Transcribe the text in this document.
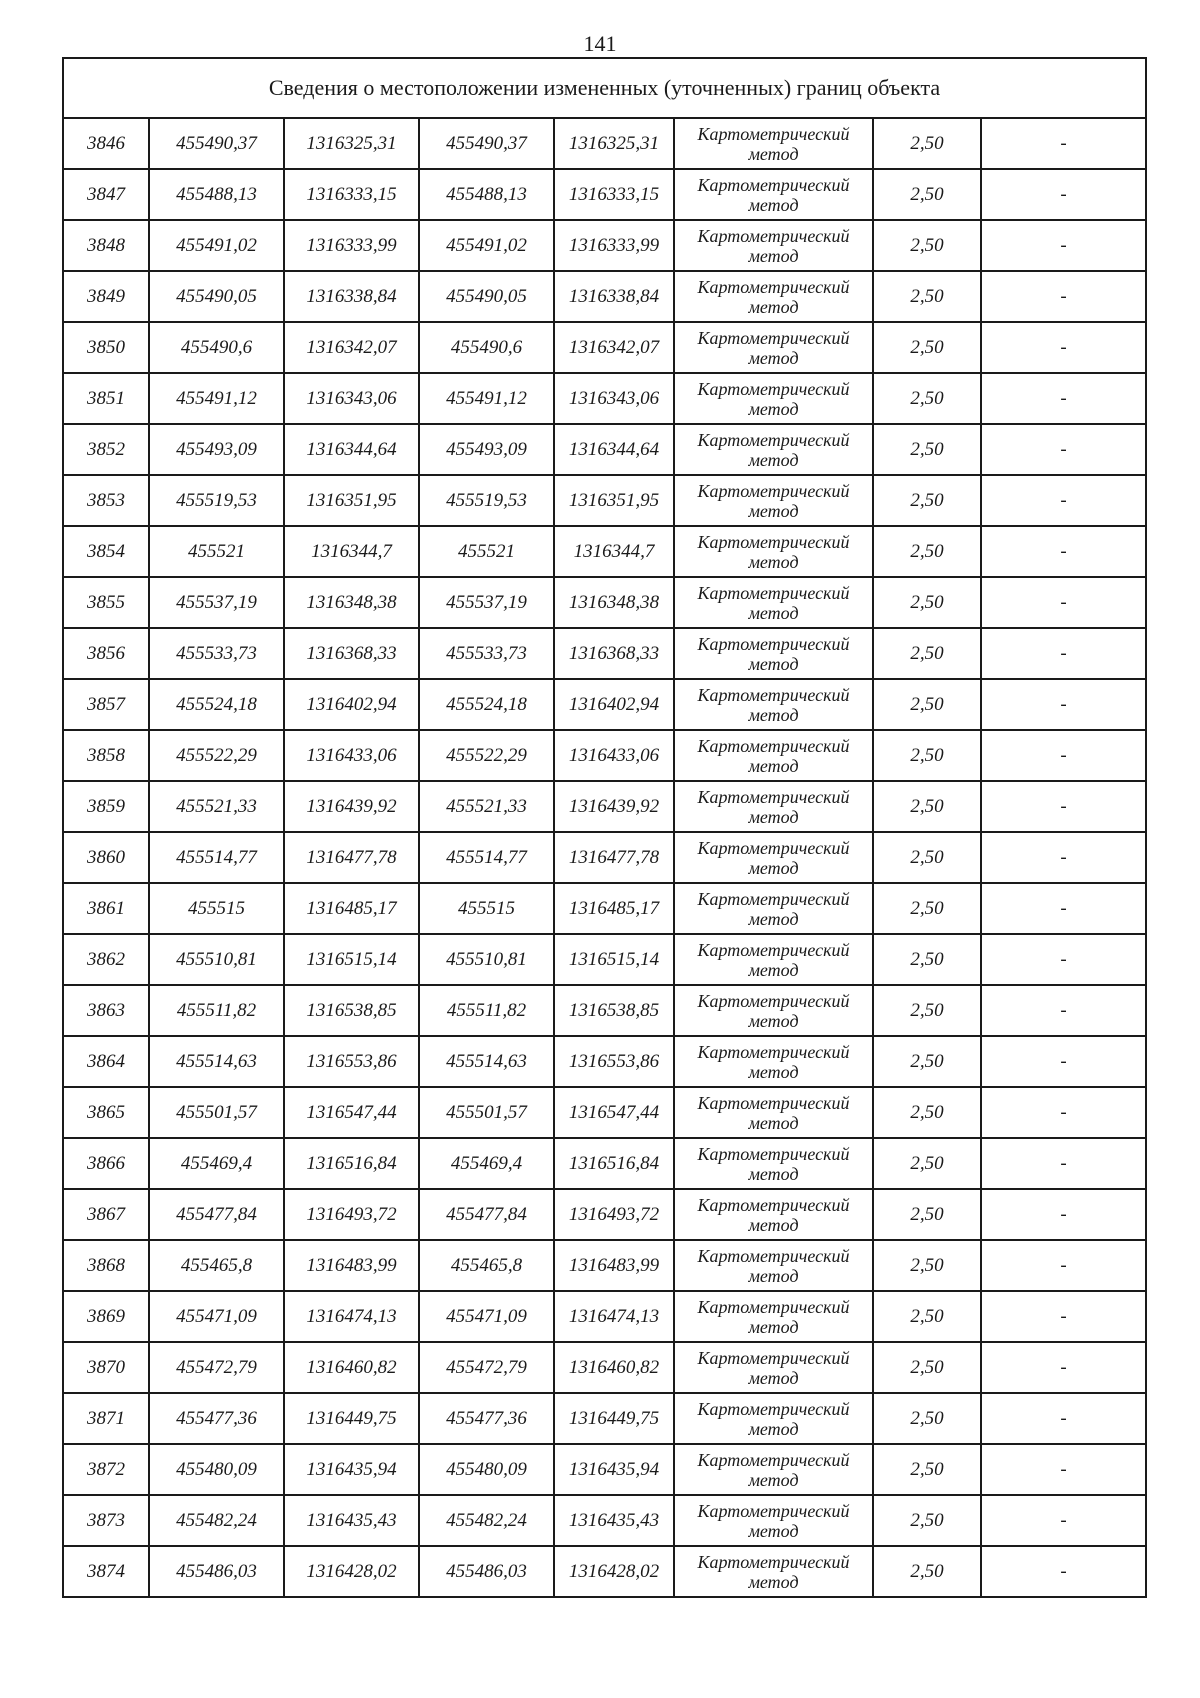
141
Сведения о местоположении измененных (уточненных) границ объекта							
3846	455490,37	1316325,31	455490,37	1316325,31	Картометрический метод	2,50	-
3847	455488,13	1316333,15	455488,13	1316333,15	Картометрический метод	2,50	-
3848	455491,02	1316333,99	455491,02	1316333,99	Картометрический метод	2,50	-
3849	455490,05	1316338,84	455490,05	1316338,84	Картометрический метод	2,50	-
3850	455490,6	1316342,07	455490,6	1316342,07	Картометрический метод	2,50	-
3851	455491,12	1316343,06	455491,12	1316343,06	Картометрический метод	2,50	-
3852	455493,09	1316344,64	455493,09	1316344,64	Картометрический метод	2,50	-
3853	455519,53	1316351,95	455519,53	1316351,95	Картометрический метод	2,50	-
3854	455521	1316344,7	455521	1316344,7	Картометрический метод	2,50	-
3855	455537,19	1316348,38	455537,19	1316348,38	Картометрический метод	2,50	-
3856	455533,73	1316368,33	455533,73	1316368,33	Картометрический метод	2,50	-
3857	455524,18	1316402,94	455524,18	1316402,94	Картометрический метод	2,50	-
3858	455522,29	1316433,06	455522,29	1316433,06	Картометрический метод	2,50	-
3859	455521,33	1316439,92	455521,33	1316439,92	Картометрический метод	2,50	-
3860	455514,77	1316477,78	455514,77	1316477,78	Картометрический метод	2,50	-
3861	455515	1316485,17	455515	1316485,17	Картометрический метод	2,50	-
3862	455510,81	1316515,14	455510,81	1316515,14	Картометрический метод	2,50	-
3863	455511,82	1316538,85	455511,82	1316538,85	Картометрический метод	2,50	-
3864	455514,63	1316553,86	455514,63	1316553,86	Картометрический метод	2,50	-
3865	455501,57	1316547,44	455501,57	1316547,44	Картометрический метод	2,50	-
3866	455469,4	1316516,84	455469,4	1316516,84	Картометрический метод	2,50	-
3867	455477,84	1316493,72	455477,84	1316493,72	Картометрический метод	2,50	-
3868	455465,8	1316483,99	455465,8	1316483,99	Картометрический метод	2,50	-
3869	455471,09	1316474,13	455471,09	1316474,13	Картометрический метод	2,50	-
3870	455472,79	1316460,82	455472,79	1316460,82	Картометрический метод	2,50	-
3871	455477,36	1316449,75	455477,36	1316449,75	Картометрический метод	2,50	-
3872	455480,09	1316435,94	455480,09	1316435,94	Картометрический метод	2,50	-
3873	455482,24	1316435,43	455482,24	1316435,43	Картометрический метод	2,50	-
3874	455486,03	1316428,02	455486,03	1316428,02	Картометрический метод	2,50	-
